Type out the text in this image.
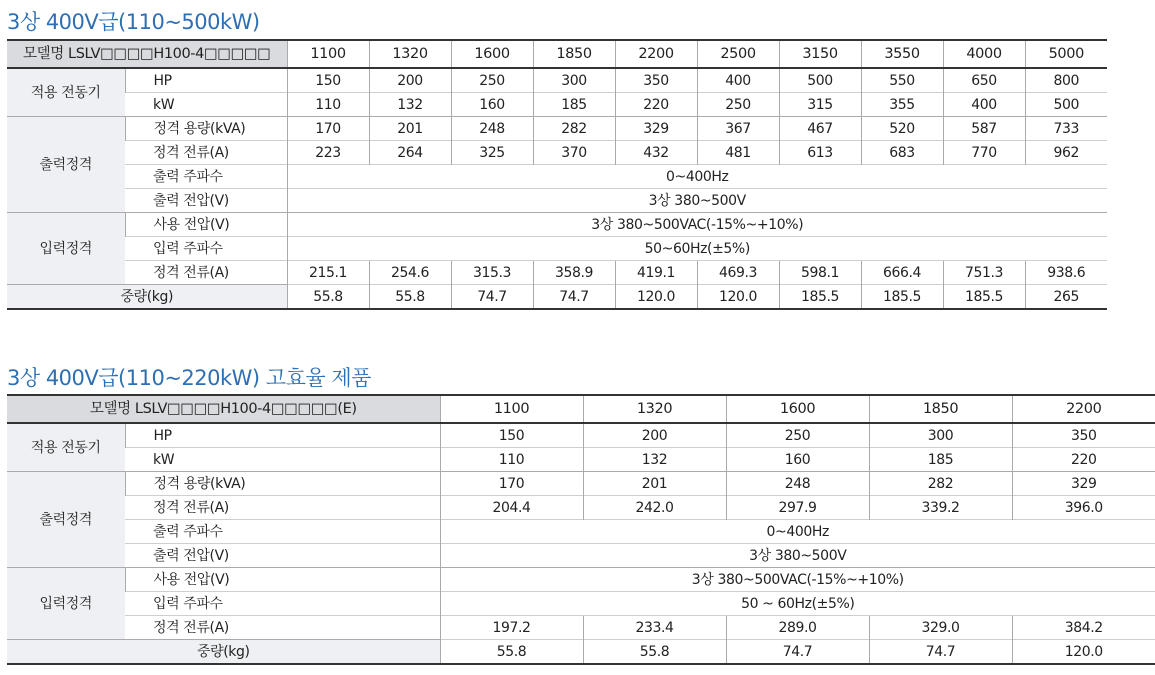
3상 400V급(110~500kW)
모델명 LSLV□□□□H100-4□□□□□		1100	1320	1600	1850	2200	2500	3150	3550	4000	5000
적용 전동기	HP	150	200	250	300	350	400	500	550	650	800
	kW	110	132	160	185	220	250	315	355	400	500
출력정격	정격 용량(kVA)	170	201	248	282	329	367	467	520	587	733
	정격 전류(A)	223	264	325	370	432	481	613	683	770	962
	출력 주파수	0~400Hz									
	출력 전압(V)	3상 380~500V									
입력정격	사용 전압(V)	3상 380~500VAC(-15%~+10%)									
	입력 주파수	50~60Hz(±5%)									
	정격 전류(A)	215.1	254.6	315.3	358.9	419.1	469.3	598.1	666.4	751.3	938.6
중량(kg)		55.8	55.8	74.7	74.7	120.0	120.0	185.5	185.5	185.5	265
3상 400V급(110~220kW) 고효율 제품
모델명 LSLV□□□□H100-4□□□□□(E)		1100	1320	1600	1850	2200
적용 전동기	HP	150	200	250	300	350
	kW	110	132	160	185	220
출력정격	정격 용량(kVA)	170	201	248	282	329
	정격 전류(A)	204.4	242.0	297.9	339.2	396.0
	출력 주파수	0~400Hz				
	출력 전압(V)	3상 380~500V				
입력정격	사용 전압(V)	3상 380~500VAC(-15%~+10%)				
	입력 주파수	50 ~ 60Hz(±5%)				
	정격 전류(A)	197.2	233.4	289.0	329.0	384.2
중량(kg)		55.8	55.8	74.7	74.7	120.0
